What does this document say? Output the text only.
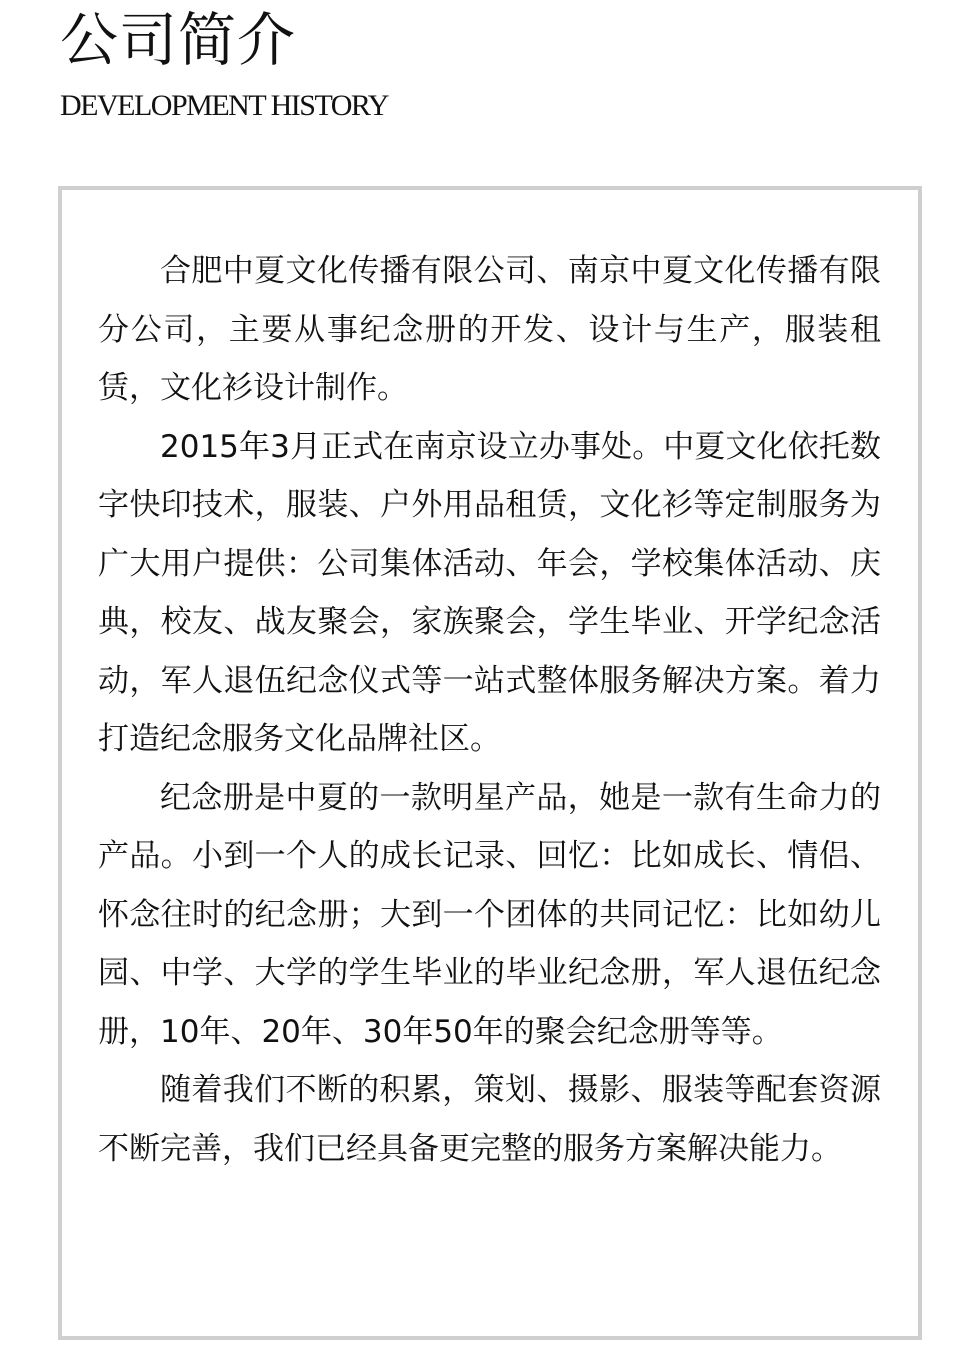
公司简介
DEVELOPMENT HISTORY

合肥中夏文化传播有限公司、南京中夏文化传播有限分公司，主要从事纪念册的开发、设计与生产，服装租赁，文化衫设计制作。

2015年3月正式在南京设立办事处。中夏文化依托数字快印技术，服装、户外用品租赁，文化衫等定制服务为广大用户提供：公司集体活动、年会，学校集体活动、庆典，校友、战友聚会，家族聚会，学生毕业、开学纪念活动，军人退伍纪念仪式等一站式整体服务解决方案。着力打造纪念服务文化品牌社区。

纪念册是中夏的一款明星产品，她是一款有生命力的产品。小到一个人的成长记录、回忆：比如成长、情侣、怀念往时的纪念册；大到一个团体的共同记忆：比如幼儿园、中学、大学的学生毕业的毕业纪念册，军人退伍纪念册，10年、20年、30年50年的聚会纪念册等等。

随着我们不断的积累，策划、摄影、服装等配套资源不断完善，我们已经具备更完整的服务方案解决能力。
